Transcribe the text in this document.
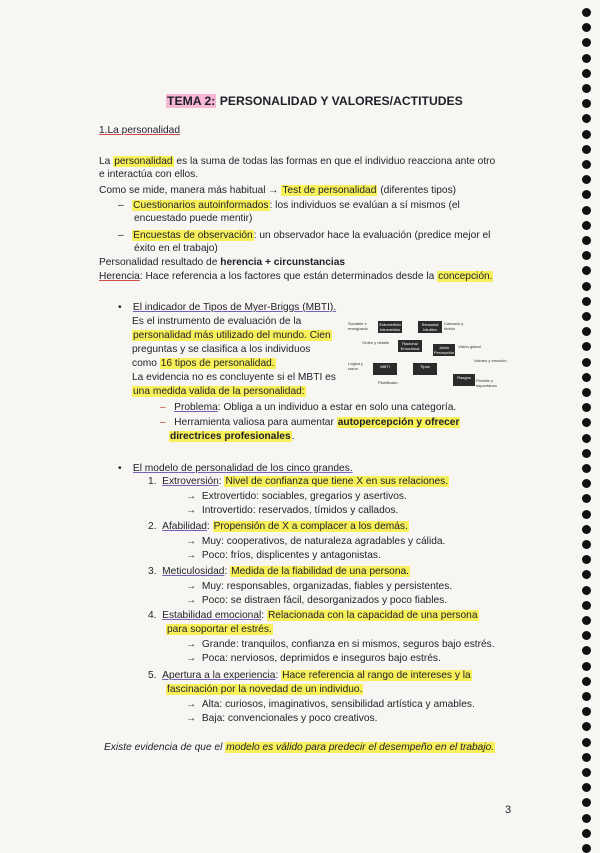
TEMA 2: PERSONALIDAD Y VALORES/ACTITUDES
1.La personalidad
La personalidad es la suma de todas las formas en que el individuo reacciona ante otro
e interactúa con ellos.
Como se mide, manera más habitual → Test de personalidad (diferentes tipos)
–   Cuestionarios autoinformados: los individuos se evalúan a sí mismos (el
encuestado puede mentir)
–   Encuestas de observación: un observador hace la evaluación (predice mejor el
éxito en el trabajo)
Personalidad resultado de herencia + circunstancias
Herencia: Hace referencia a los factores que están determinados desde la concepción.
•    El indicador de Tipos de Myer-Briggs (MBTI).
Es el instrumento de evaluación de la
personalidad más utilizado del mundo. Cien
preguntas y se clasifica a los individuos
como 16 tipos de personalidad.
La evidencia no es concluyente si el MBTI es
una medida valida de la personalidad:
–   Problema: Obliga a un individuo a estar en solo una categoría.
–   Herramienta valiosa para aumentar autopercepción y ofrecer
directrices profesionales.
Extrovertido Introvertido
Sensorial Intuitivo
Racional Emocional	Juicio Percepción
MBTI	Tipos
Rasgos
Sociable e energizado
Calmado y tímido
Orden y detalle
Visión global
Lógica y razón
Valores y emoción
Planificado	Flexible y espontáneo
•    El modelo de personalidad de los cinco grandes.
1. Extroversión: Nivel de confianza que tiene X en sus relaciones.
→  Extrovertido: sociables, gregarios y asertivos.
→  Introvertido: reservados, tímidos y callados.
2. Afabilidad: Propensión de X a complacer a los demás.
→  Muy: cooperativos, de naturaleza agradables y cálida.
→  Poco: fríos, displicentes y antagonistas.
3. Meticulosidad: Medida de la fiabilidad de una persona.
→  Muy: responsables, organizadas, fiables y persistentes.
→  Poco: se distraen fácil, desorganizados y poco fiables.
4. Estabilidad emocional: Relacionada con la capacidad de una persona
para soportar el estrés.
→  Grande: tranquilos, confianza en si mismos, seguros bajo estrés.
→  Poca: nerviosos, deprimidos e inseguros bajo estrés.
5. Apertura a la experiencia: Hace referencia al rango de intereses y la
fascinación por la novedad de un individuo.
→  Alta: curiosos, imaginativos, sensibilidad artística y amables.
→  Baja: convencionales y poco creativos.
Existe evidencia de que el modelo es válido para predecir el desempeño en el trabajo.
3
